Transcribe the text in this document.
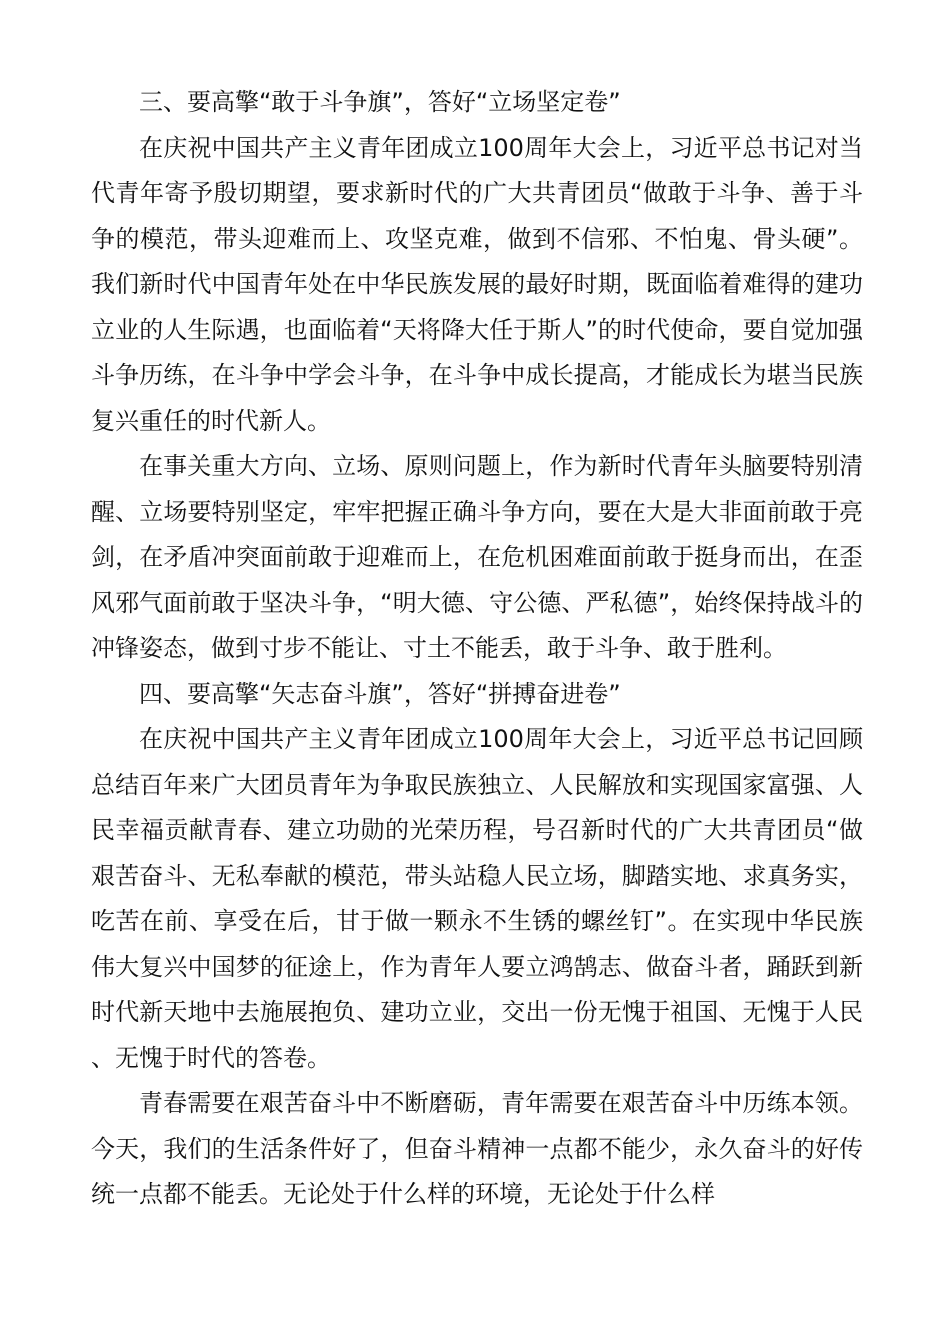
三、要高擎“敢于斗争旗”，答好“立场坚定卷”

在庆祝中国共产主义青年团成立100周年大会上，习近平总书记对当代青年寄予殷切期望，要求新时代的广大共青团员“做敢于斗争、善于斗争的模范，带头迎难而上、攻坚克难，做到不信邪、不怕鬼、骨头硬”。我们新时代中国青年处在中华民族发展的最好时期，既面临着难得的建功立业的人生际遇，也面临着“天将降大任于斯人”的时代使命，要自觉加强斗争历练，在斗争中学会斗争，在斗争中成长提高，才能成长为堪当民族复兴重任的时代新人。

在事关重大方向、立场、原则问题上，作为新时代青年头脑要特别清醒、立场要特别坚定，牢牢把握正确斗争方向，要在大是大非面前敢于亮剑，在矛盾冲突面前敢于迎难而上，在危机困难面前敢于挺身而出，在歪风邪气面前敢于坚决斗争，“明大德、守公德、严私德”，始终保持战斗的冲锋姿态，做到寸步不能让、寸土不能丢，敢于斗争、敢于胜利。

四、要高擎“矢志奋斗旗”，答好“拼搏奋进卷”

在庆祝中国共产主义青年团成立100周年大会上，习近平总书记回顾总结百年来广大团员青年为争取民族独立、人民解放和实现国家富强、人民幸福贡献青春、建立功勋的光荣历程，号召新时代的广大共青团员“做艰苦奋斗、无私奉献的模范，带头站稳人民立场，脚踏实地、求真务实，吃苦在前、享受在后，甘于做一颗永不生锈的螺丝钉”。在实现中华民族伟大复兴中国梦的征途上，作为青年人要立鸿鹄志、做奋斗者，踊跃到新时代新天地中去施展抱负、建功立业，交出一份无愧于祖国、无愧于人民、无愧于时代的答卷。

青春需要在艰苦奋斗中不断磨砺，青年需要在艰苦奋斗中历练本领。今天，我们的生活条件好了，但奋斗精神一点都不能少，永久奋斗的好传统一点都不能丢。无论处于什么样的环境，无论处于什么样
